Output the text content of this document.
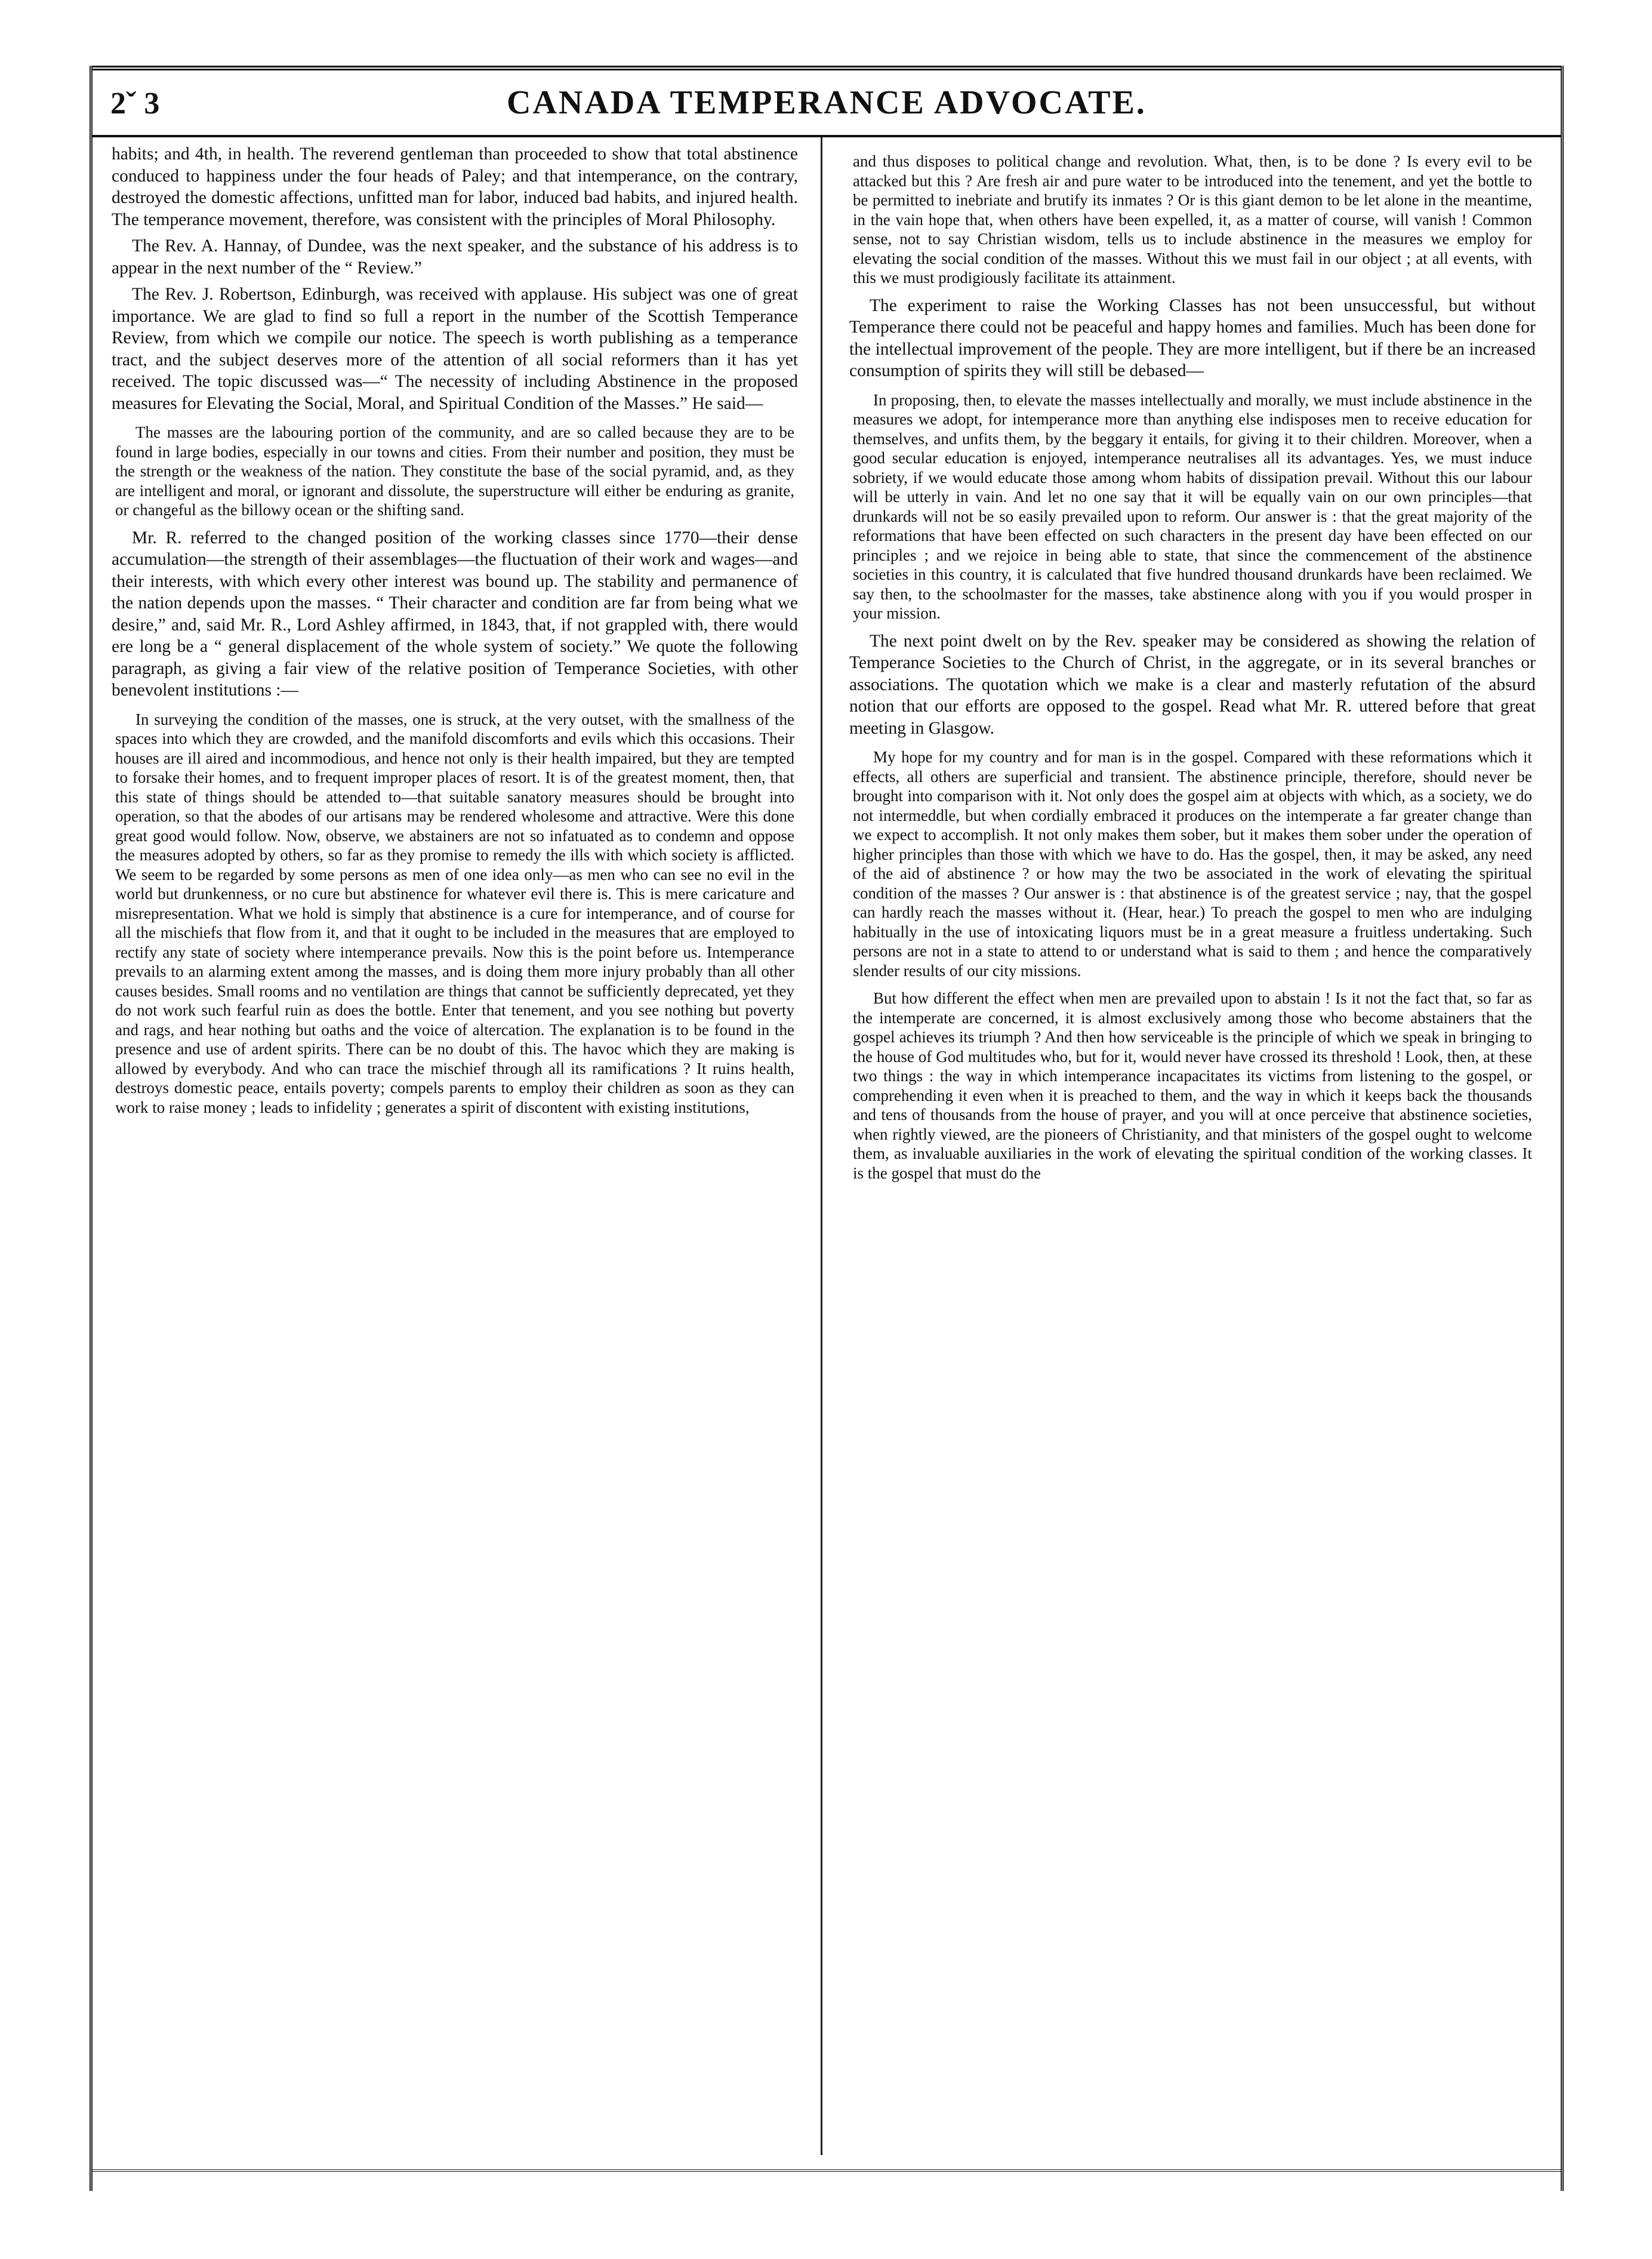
2ˇ 3	CANADA TEMPERANCE ADVOCATE.

habits; and 4th, in health. The reverend gentleman than proceeded to show that total abstinence conduced to happiness under the four heads of Paley; and that intemperance, on the contrary, destroyed the domestic affections, unfitted man for labor, induced bad habits, and injured health. The temperance movement, therefore, was consistent with the principles of Moral Philosophy.

The Rev. A. Hannay, of Dundee, was the next speaker, and the substance of his address is to appear in the next number of the “ Review.”

The Rev. J. Robertson, Edinburgh, was received with applause. His subject was one of great importance. We are glad to find so full a report in the number of the Scottish Temperance Review, from which we compile our notice. The speech is worth publishing as a temperance tract, and the subject deserves more of the attention of all social reformers than it has yet received. The topic discussed was—“ The necessity of including Abstinence in the proposed measures for Elevating the Social, Moral, and Spiritual Condition of the Masses.” He said—

The masses are the labouring portion of the community, and are so called because they are to be found in large bodies, especially in our towns and cities. From their number and position, they must be the strength or the weakness of the nation. They constitute the base of the social pyramid, and, as they are intelligent and moral, or ignorant and dissolute, the superstructure will either be enduring as granite, or changeful as the billowy ocean or the shifting sand.

Mr. R. referred to the changed position of the working classes since 1770—their dense accumulation—the strength of their assemblages—the fluctuation of their work and wages—and their interests, with which every other interest was bound up. The stability and permanence of the nation depends upon the masses. “ Their character and condition are far from being what we desire,” and, said Mr. R., Lord Ashley affirmed, in 1843, that, if not grappled with, there would ere long be a “ general displacement of the whole system of society.” We quote the following paragraph, as giving a fair view of the relative position of Temperance Societies, with other benevolent institutions :—

In surveying the condition of the masses, one is struck, at the very outset, with the smallness of the spaces into which they are crowded, and the manifold discomforts and evils which this occasions. Their houses are ill aired and incommodious, and hence not only is their health impaired, but they are tempted to forsake their homes, and to frequent improper places of resort. It is of the greatest moment, then, that this state of things should be attended to—that suitable sanatory measures should be brought into operation, so that the abodes of our artisans may be rendered wholesome and attractive. Were this done great good would follow. Now, observe, we abstainers are not so infatuated as to condemn and oppose the measures adopted by others, so far as they promise to remedy the ills with which society is afflicted. We seem to be regarded by some persons as men of one idea only—as men who can see no evil in the world but drunkenness, or no cure but abstinence for whatever evil there is. This is mere caricature and misrepresentation. What we hold is simply that abstinence is a cure for intemperance, and of course for all the mischiefs that flow from it, and that it ought to be included in the measures that are employed to rectify any state of society where intemperance prevails. Now this is the point before us. Intemperance prevails to an alarming extent among the masses, and is doing them more injury probably than all other causes besides. Small rooms and no ventilation are things that cannot be sufficiently deprecated, yet they do not work such fearful ruin as does the bottle. Enter that tenement, and you see nothing but poverty and rags, and hear nothing but oaths and the voice of altercation. The explanation is to be found in the presence and use of ardent spirits. There can be no doubt of this. The havoc which they are making is allowed by everybody. And who can trace the mischief through all its ramifications ? It ruins health, destroys domestic peace, entails poverty; compels parents to employ their children as soon as they can work to raise money ; leads to infidelity ; generates a spirit of discontent with existing institutions,

and thus disposes to political change and revolution. What, then, is to be done ? Is every evil to be attacked but this ? Are fresh air and pure water to be introduced into the tenement, and yet the bottle to be permitted to inebriate and brutify its inmates ? Or is this giant demon to be let alone in the meantime, in the vain hope that, when others have been expelled, it, as a matter of course, will vanish ! Common sense, not to say Christian wisdom, tells us to include abstinence in the measures we employ for elevating the social condition of the masses. Without this we must fail in our object ; at all events, with this we must prodigiously facilitate its attainment.

The experiment to raise the Working Classes has not been unsuccessful, but without Temperance there could not be peaceful and happy homes and families. Much has been done for the intellectual improvement of the people. They are more intelligent, but if there be an increased consumption of spirits they will still be debased—

In proposing, then, to elevate the masses intellectually and morally, we must include abstinence in the measures we adopt, for intemperance more than anything else indisposes men to receive education for themselves, and unfits them, by the beggary it entails, for giving it to their children. Moreover, when a good secular education is enjoyed, intemperance neutralises all its advantages. Yes, we must induce sobriety, if we would educate those among whom habits of dissipation prevail. Without this our labour will be utterly in vain. And let no one say that it will be equally vain on our own principles—that drunkards will not be so easily prevailed upon to reform. Our answer is : that the great majority of the reformations that have been effected on such characters in the present day have been effected on our principles ; and we rejoice in being able to state, that since the commencement of the abstinence societies in this country, it is calculated that five hundred thousand drunkards have been reclaimed. We say then, to the schoolmaster for the masses, take abstinence along with you if you would prosper in your mission.

The next point dwelt on by the Rev. speaker may be considered as showing the relation of Temperance Societies to the Church of Christ, in the aggregate, or in its several branches or associations. The quotation which we make is a clear and masterly refutation of the absurd notion that our efforts are opposed to the gospel. Read what Mr. R. uttered before that great meeting in Glasgow.

My hope for my country and for man is in the gospel. Compared with these reformations which it effects, all others are superficial and transient. The abstinence principle, therefore, should never be brought into comparison with it. Not only does the gospel aim at objects with which, as a society, we do not intermeddle, but when cordially embraced it produces on the intemperate a far greater change than we expect to accomplish. It not only makes them sober, but it makes them sober under the operation of higher principles than those with which we have to do. Has the gospel, then, it may be asked, any need of the aid of abstinence ? or how may the two be associated in the work of elevating the spiritual condition of the masses ? Our answer is : that abstinence is of the greatest service ; nay, that the gospel can hardly reach the masses without it. (Hear, hear.) To preach the gospel to men who are indulging habitually in the use of intoxicating liquors must be in a great measure a fruitless undertaking. Such persons are not in a state to attend to or understand what is said to them ; and hence the comparatively slender results of our city missions.

But how different the effect when men are prevailed upon to abstain ! Is it not the fact that, so far as the intemperate are concerned, it is almost exclusively among those who become abstainers that the gospel achieves its triumph ? And then how serviceable is the principle of which we speak in bringing to the house of God multitudes who, but for it, would never have crossed its threshold ! Look, then, at these two things : the way in which intemperance incapacitates its victims from listening to the gospel, or comprehending it even when it is preached to them, and the way in which it keeps back the thousands and tens of thousands from the house of prayer, and you will at once perceive that abstinence societies, when rightly viewed, are the pioneers of Christianity, and that ministers of the gospel ought to welcome them, as invaluable auxiliaries in the work of elevating the spiritual condition of the working classes. It is the gospel that must do the
